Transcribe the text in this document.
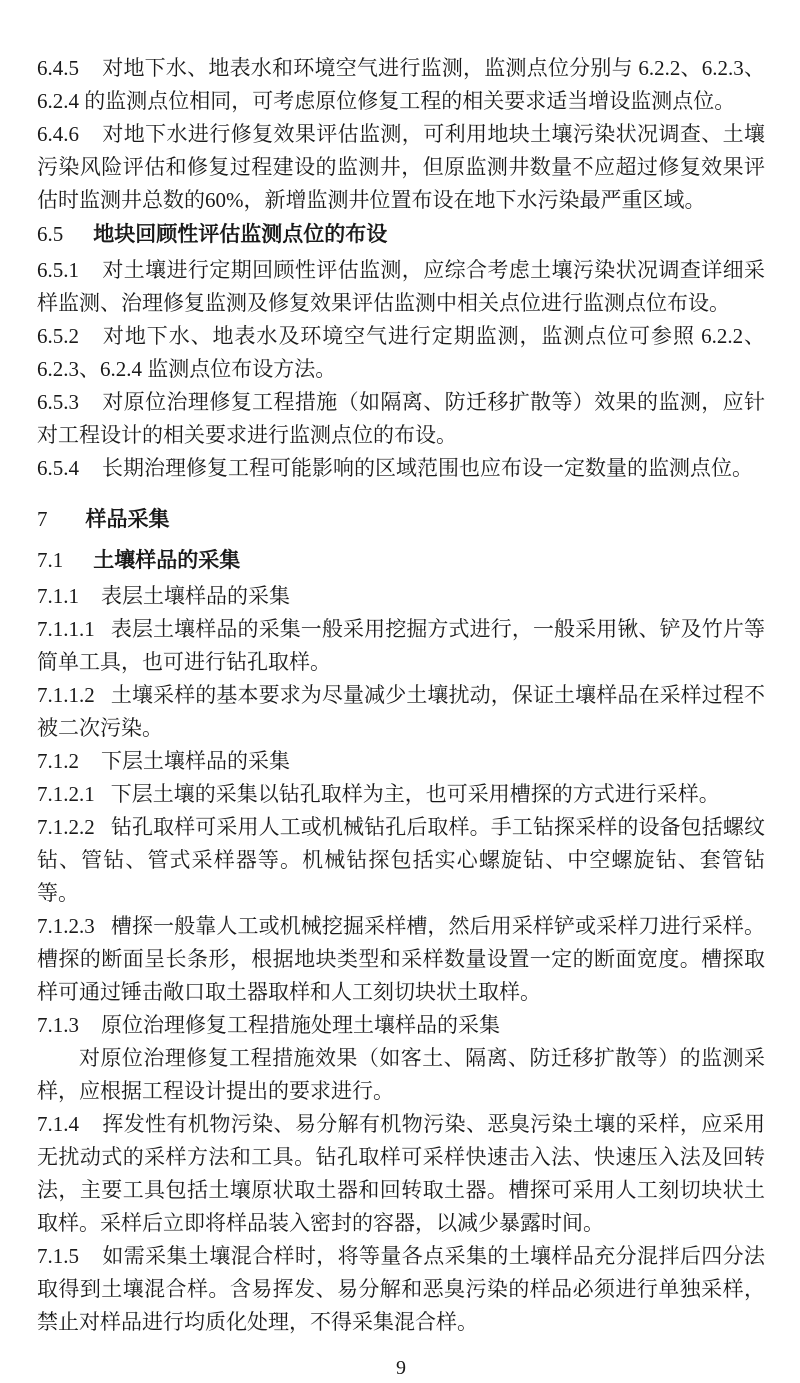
6.4.5 对地下水、地表水和环境空气进行监测，监测点位分别与 6.2.2、6.2.3、6.2.4 的监测点位相同，可考虑原位修复工程的相关要求适当增设监测点位。

6.4.6 对地下水进行修复效果评估监测，可利用地块土壤污染状况调查、土壤污染风险评估和修复过程建设的监测井，但原监测井数量不应超过修复效果评估时监测井总数的60%，新增监测井位置布设在地下水污染最严重区域。

6.5 地块回顾性评估监测点位的布设

6.5.1 对土壤进行定期回顾性评估监测，应综合考虑土壤污染状况调查详细采样监测、治理修复监测及修复效果评估监测中相关点位进行监测点位布设。

6.5.2 对地下水、地表水及环境空气进行定期监测，监测点位可参照 6.2.2、6.2.3、6.2.4 监测点位布设方法。

6.5.3 对原位治理修复工程措施（如隔离、防迁移扩散等）效果的监测，应针对工程设计的相关要求进行监测点位的布设。

6.5.4 长期治理修复工程可能影响的区域范围也应布设一定数量的监测点位。

7 样品采集

7.1 土壤样品的采集

7.1.1 表层土壤样品的采集

7.1.1.1 表层土壤样品的采集一般采用挖掘方式进行，一般采用锹、铲及竹片等简单工具，也可进行钻孔取样。

7.1.1.2 土壤采样的基本要求为尽量减少土壤扰动，保证土壤样品在采样过程不被二次污染。

7.1.2 下层土壤样品的采集

7.1.2.1 下层土壤的采集以钻孔取样为主，也可采用槽探的方式进行采样。

7.1.2.2 钻孔取样可采用人工或机械钻孔后取样。手工钻探采样的设备包括螺纹钻、管钻、管式采样器等。机械钻探包括实心螺旋钻、中空螺旋钻、套管钻等。

7.1.2.3 槽探一般靠人工或机械挖掘采样槽，然后用采样铲或采样刀进行采样。槽探的断面呈长条形，根据地块类型和采样数量设置一定的断面宽度。槽探取样可通过锤击敞口取土器取样和人工刻切块状土取样。

7.1.3 原位治理修复工程措施处理土壤样品的采集

对原位治理修复工程措施效果（如客土、隔离、防迁移扩散等）的监测采样，应根据工程设计提出的要求进行。

7.1.4 挥发性有机物污染、易分解有机物污染、恶臭污染土壤的采样，应采用无扰动式的采样方法和工具。钻孔取样可采样快速击入法、快速压入法及回转法，主要工具包括土壤原状取土器和回转取土器。槽探可采用人工刻切块状土取样。采样后立即将样品装入密封的容器，以减少暴露时间。

7.1.5 如需采集土壤混合样时，将等量各点采集的土壤样品充分混拌后四分法取得到土壤混合样。含易挥发、易分解和恶臭污染的样品必须进行单独采样，禁止对样品进行均质化处理，不得采集混合样。

9
